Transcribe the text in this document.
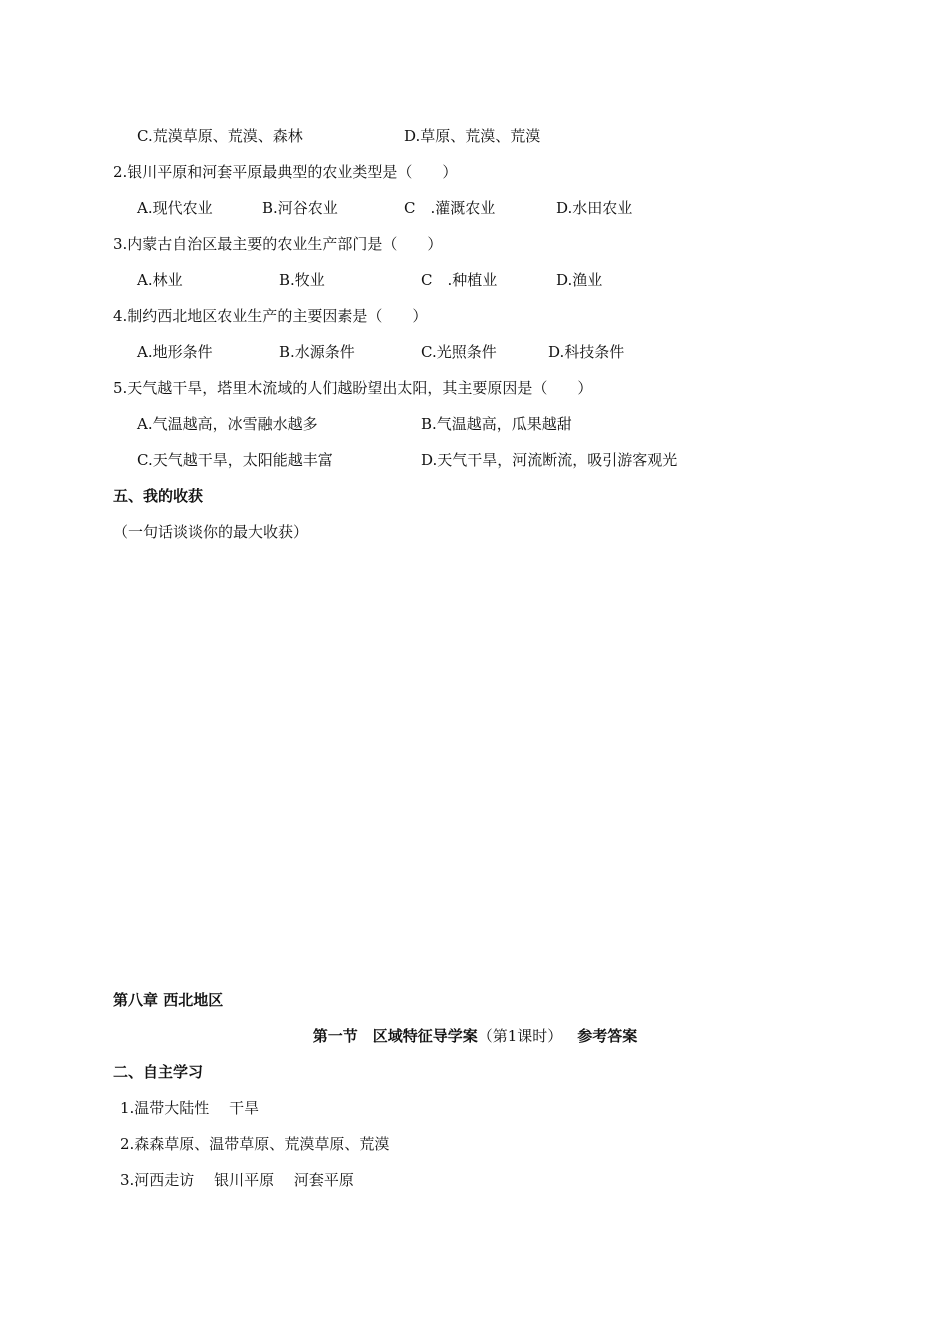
C.荒漠草原、荒漠、森林	D.草原、荒漠、荒漠
2.银川平原和河套平原最典型的农业类型是（　　）
A.现代农业	B.河谷农业	C　.灌溉农业	D.水田农业
3.内蒙古自治区最主要的农业生产部门是（　　）
A.林业	B.牧业	C　.种植业	D.渔业
4.制约西北地区农业生产的主要因素是（　　）
A.地形条件	B.水源条件	C.光照条件	D.科技条件
5.天气越干旱，塔里木流域的人们越盼望出太阳，其主要原因是（　　）
A.气温越高，冰雪融水越多	B.气温越高，瓜果越甜
C.天气越干旱，太阳能越丰富	D.天气干旱，河流断流，吸引游客观光
五、我的收获
（一句话谈谈你的最大收获）
第八章 西北地区
第一节　区域特征导学案（第1课时）  参考答案
二、自主学习
1.温带大陆性　 干旱
2.森森草原、温带草原、荒漠草原、荒漠
3.河西走访　 银川平原　 河套平原
